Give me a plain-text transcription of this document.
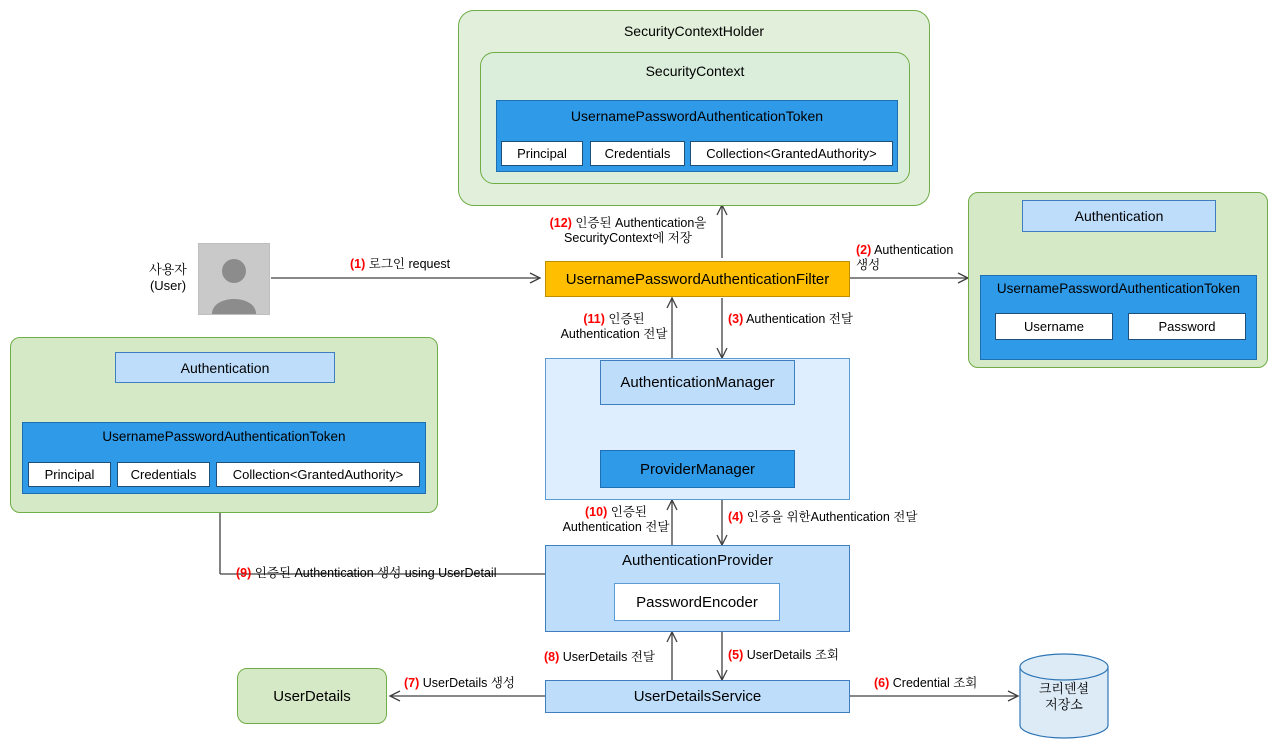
SecurityContextHolder
SecurityContext
UsernamePasswordAuthenticationToken
Principal	Credentials	Collection<GrantedAuthority>
Authentication
UsernamePasswordAuthenticationToken
Username	Password
Authentication
UsernamePasswordAuthenticationToken
Principal	Credentials	Collection<GrantedAuthority>
사용자
(User)	UsernamePasswordAuthenticationFilter
AuthenticationManager
ProviderManager
AuthenticationProvider
PasswordEncoder
UserDetailsService
UserDetails	크리덴셜
저장소
(1) 로그인 request
(2) Authentication
생성
(3) Authentication 전달
(4) 인증을 위한Authentication 전달
(5) UserDetails 조회
(6) Credential 조회
(7) UserDetails 생성
(8) UserDetails 전달
(9) 인증된 Authentication 생성 using UserDetail
(10) 인증된
Authentication 전달
(11) 인증된
Authentication 전달
(12) 인증된 Authentication을
SecurityContext에 저장
